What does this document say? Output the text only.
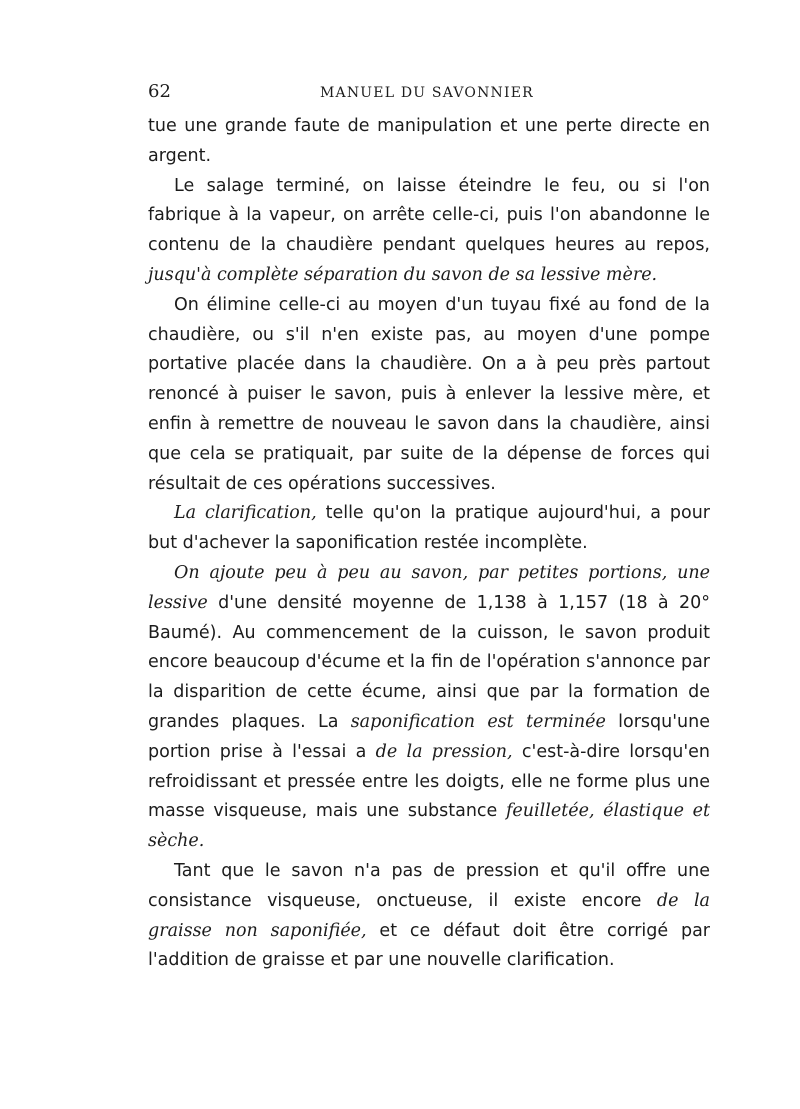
62	MANUEL DU SAVONNIER

tue une grande faute de manipulation et une perte directe en argent.

Le salage terminé, on laisse éteindre le feu, ou si l'on fabrique à la vapeur, on arrête celle-ci, puis l'on abandonne le contenu de la chaudière pendant quelques heures au repos, jusqu'à complète séparation du savon de sa lessive mère.

On élimine celle-ci au moyen d'un tuyau fixé au fond de la chaudière, ou s'il n'en existe pas, au moyen d'une pompe portative placée dans la chaudière. On a à peu près partout renoncé à puiser le savon, puis à enlever la lessive mère, et enfin à remettre de nouveau le savon dans la chaudière, ainsi que cela se pratiquait, par suite de la dépense de forces qui résultait de ces opérations successives.

La clarification, telle qu'on la pratique aujourd'hui, a pour but d'achever la saponification restée incomplète.

On ajoute peu à peu au savon, par petites portions, une lessive d'une densité moyenne de 1,138 à 1,157 (18 à 20° Baumé). Au commencement de la cuisson, le savon produit encore beaucoup d'écume et la fin de l'opération s'annonce par la disparition de cette écume, ainsi que par la formation de grandes plaques. La saponification est terminée lorsqu'une portion prise à l'essai a de la pression, c'est-à-dire lorsqu'en refroidissant et pressée entre les doigts, elle ne forme plus une masse visqueuse, mais une substance feuilletée, élastique et sèche.

Tant que le savon n'a pas de pression et qu'il offre une consistance visqueuse, onctueuse, il existe encore de la graisse non saponifiée, et ce défaut doit être corrigé par l'addition de graisse et par une nouvelle clarification.
